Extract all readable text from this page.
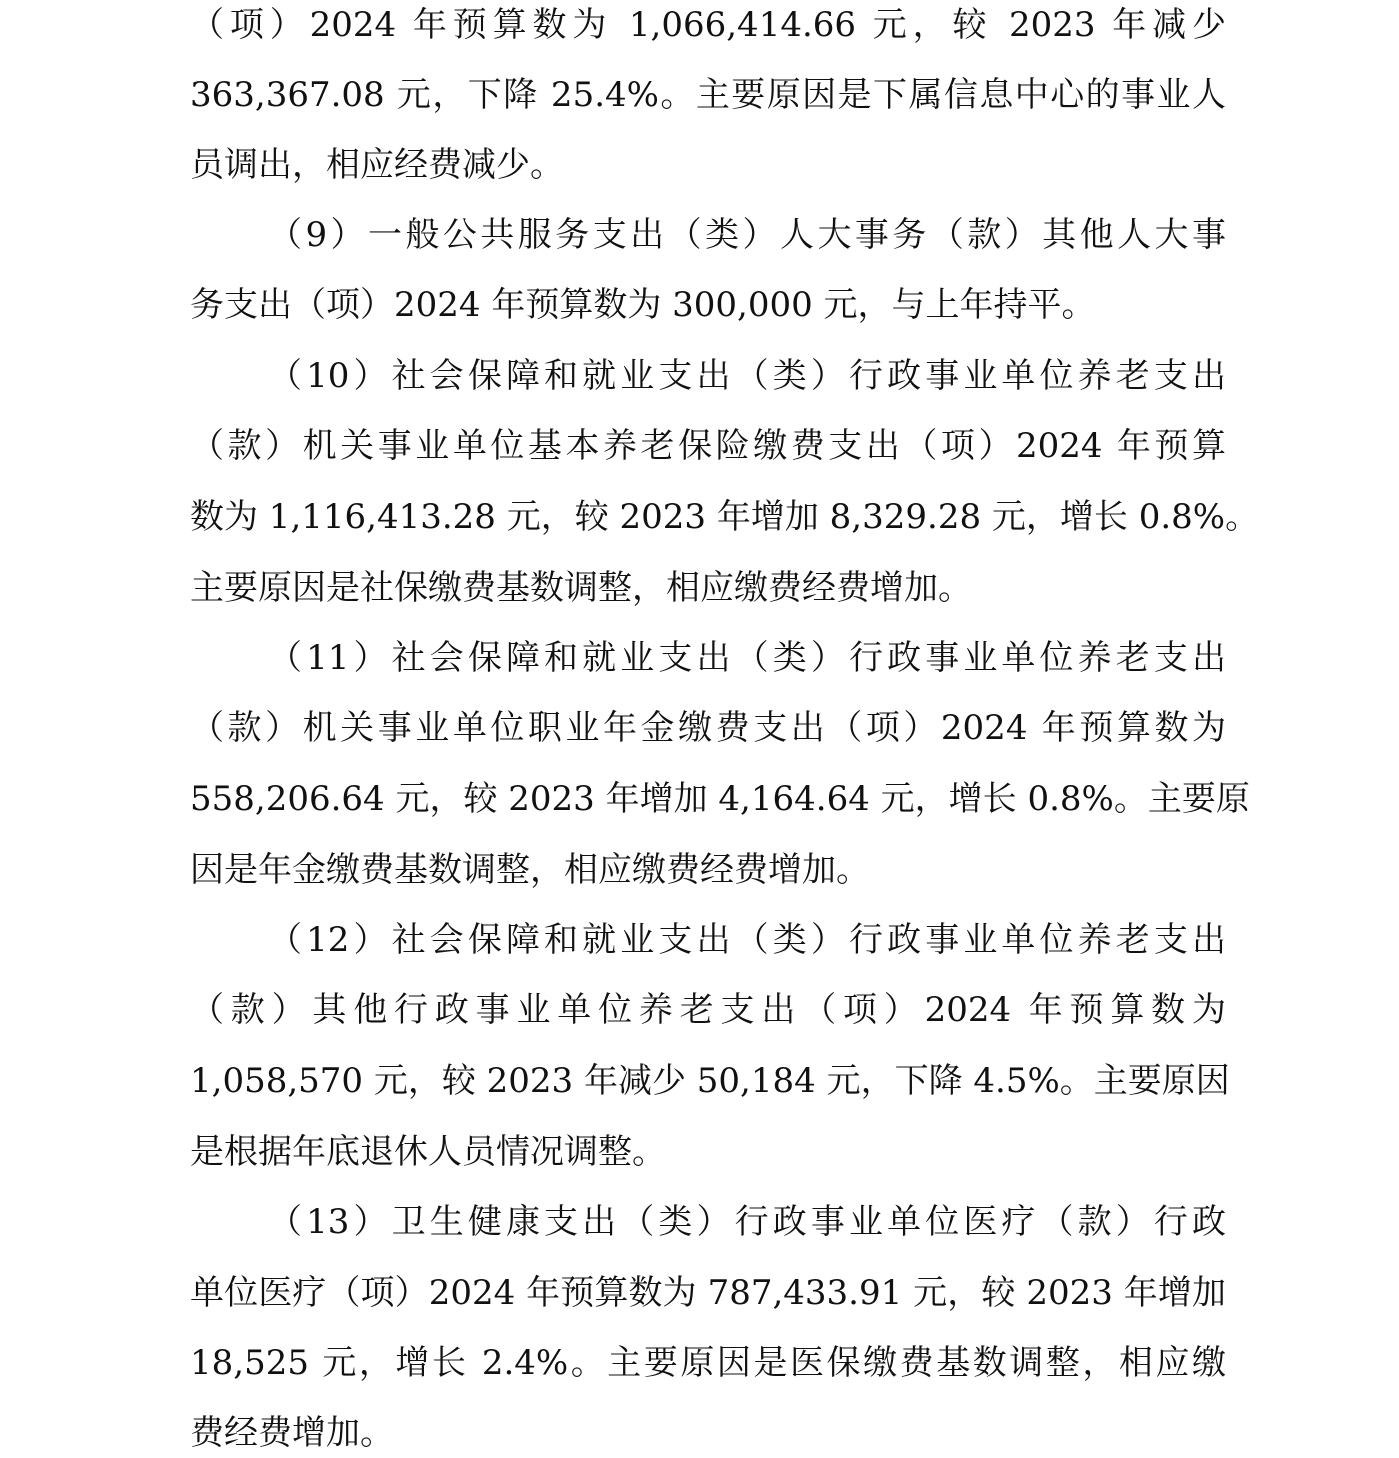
（项）2024 年预算数为 1,066,414.66 元，较 2023 年减少
363,367.08 元，下降 25.4%。主要原因是下属信息中心的事业人
员调出，相应经费减少。
（9）一般公共服务支出（类）人大事务（款）其他人大事
务支出（项）2024 年预算数为 300,000 元，与上年持平。
（10）社会保障和就业支出（类）行政事业单位养老支出
（款）机关事业单位基本养老保险缴费支出（项）2024 年预算
数为 1,116,413.28 元，较 2023 年增加 8,329.28 元，增长 0.8%。
主要原因是社保缴费基数调整，相应缴费经费增加。
（11）社会保障和就业支出（类）行政事业单位养老支出
（款）机关事业单位职业年金缴费支出（项）2024 年预算数为
558,206.64 元，较 2023 年增加 4,164.64 元，增长 0.8%。主要原
因是年金缴费基数调整，相应缴费经费增加。
（12）社会保障和就业支出（类）行政事业单位养老支出
（款）其他行政事业单位养老支出（项）2024 年预算数为
1,058,570 元，较 2023 年减少 50,184 元，下降 4.5%。主要原因
是根据年底退休人员情况调整。
（13）卫生健康支出（类）行政事业单位医疗（款）行政
单位医疗（项）2024 年预算数为 787,433.91 元，较 2023 年增加
18,525 元，增长 2.4%。主要原因是医保缴费基数调整，相应缴
费经费增加。
